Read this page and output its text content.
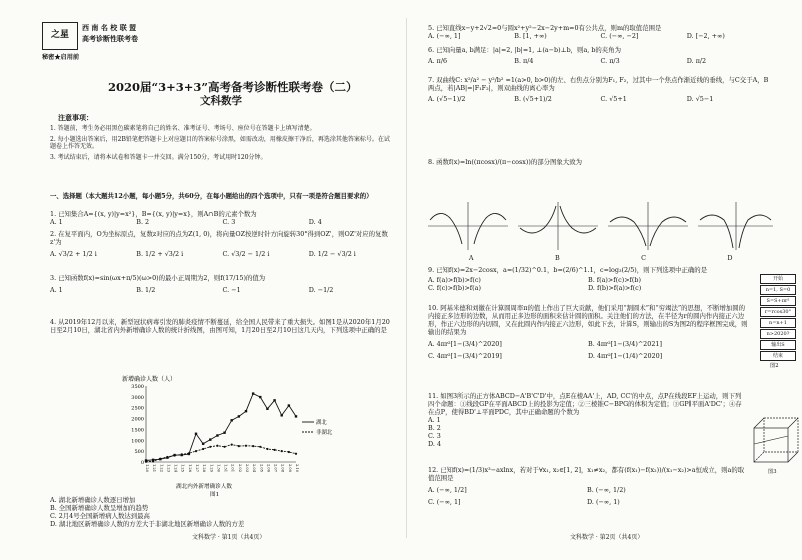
之星
西 南 名 校 联 盟
高考诊断性联考卷
秘密★启用前
2020届“3+3+3”高考备考诊断性联考卷（二）
文科数学
注意事项：
1. 答题前，考生务必用黑色碳素笔将自己的姓名、准考证号、考场号、座位号在答题卡上填写清楚。
2. 每小题选出答案后，用2B铅笔把答题卡上对应题目的答案标号涂黑，如需改动，用橡皮擦干净后，再选涂其他答案标号。在试题卷上作答无效。
3. 考试结束后，请将本试卷和答题卡一并交回。满分150分，考试用时120分钟。
一、选择题（本大题共12小题，每小题5分，共60分，在每小题给出的四个选项中，只有一项是符合题目要求的）
1. 已知集合A={(x, y)|y=x²}，B={(x, y)|y=x}，则A∩B的元素个数为
A. 1	B. 2	C. 3	D. 4
2. 在复平面内，O为坐标原点，复数z对应的点为Z(1, 0)，将向量OZ按逆时针方向旋转30°得到OZ'，则OZ'对应的复数z'为
A. √3/2 + 1/2 i	B. 1/2 + √3/2 i	C. √3/2 − 1/2 i	D. 1/2 − √3/2 i
3. 已知函数f(x)=sin(ωx+π/5)(ω>0)的最小正周期为2，则f(17/15)的值为
A. 1	B. 1/2	C. −1	D. −1/2
4. 从2019年12月以来，新型冠状病毒引发的肺炎疫情不断蔓延，给全国人民带来了重大损失。如图1是从2020年1月20日至2月10日，湖北省内外新增确诊人数的统计折线图，由图可知，1月20日至2月10日这几天内，下列选项中正确的是
新增确诊人数（人）
0
500
1000
1500
2000
2500
3000
3500
1.20 1.21 1.22 1.23 1.24 1.25 1.26 1.27 1.28 1.29 1.30 1.31 2.01 2.02 2.03 2.04 2.05 2.06 2.07 2.08 2.09 2.10
湖北
非湖北
湖北内外新增确诊人数
图1
A. 湖北新增确诊人数逐日增加
B. 全国新增确诊人数呈增加的趋势
C. 2月4号全国新增病人数达到最高
D. 湖北地区新增确诊人数的方差大于非湖北地区新增确诊人数的方差
文科数学 · 第1页（共4页）
5. 已知直线x−y+2√2=0与圆x²+y²−2x−2y+m=0有公共点，则m的取值范围是
A. (−∞, 1]	B. [1, +∞)	C. (−∞, −2]	D. [−2, +∞)
6. 已知向量a, b满足：|a|=2, |b|=1, ⊥(a−b)⊥b，则a, b的夹角为
A. π/6	B. π/4	C. π/3	D. π/2
7. 双曲线C: x²/a² − y²/b² =1(a>0, b>0)的左、右焦点分别为F₁, F₂，过其中一个焦点作渐近线的垂线，与C交于A，B两点，若|AB|=|F₁F₂|，则双曲线的离心率为
A. (√5−1)/2	B. (√5+1)/2	C. √5+1	D. √5−1
8. 函数f(x)=ln((πcosx)/(π−cosx))的部分图象大致为
A	B	C	D
9. 已知f(x)=2x−2cosx，a=(1/32)^0.1，b=(2/6)^1.1，c=log₃(2/5)，则下列选项中正确的是
A. f(a)>f(b)>f(c)	B. f(a)>f(c)>f(b)
C. f(c)>f(b)>f(a)	D. f(b)>f(a)>f(c)
10. 阿基米德和刘徽在计算圆周率π的值上作出了巨大贡献，他们采用“割圆术”和“穷竭法”的思想，不断增加圆的内接正多边形的边数，从而用正多边形的面积来估计圆的面积。关注他们的方法，在半径为r的圆内作内接正六边形，作正六边形的内切圆，又在此圆内作内接正六边形，如此下去，计算S，则输出的S为图2的程序框图完成，则输出的结果为
A. 4πr²[1−(3/4)^2020]	B. 4πr²[1−(3/4)^2021]
C. 4πr²[1−(3/4)^2019]	D. 4πr²[1−(1/4)^2020]
开始
n=1, S=0
S=S+πr²
r=rcos30°
n=n+1
n>2020?
输出S
结束
图2
11. 如图3所示的正方体ABCD−A'B'C'D'中，点E在棱AA'上，AD, CC'的中点，点P在线段EF上运动，则下列四个命题：①线段GP在平面ABCD上的投影为定值；②三棱锥C−BPG的体积为定值；③GP∥平面A'DC'；④存在点P，使得BD'⊥平面PDC，其中正确命题的个数为
A. 1
B. 2
C. 3
D. 4
图3
12. 已知f(x)=(1/3)x³−axlnx，若对于∀x₁, x₂∈[1, 2]，x₁≠x₂，都有(f(x₁)−f(x₂))/(x₁−x₂)>a恒成立，则a的取值范围是
A. (−∞, 1/2]	B. (−∞, 1/2)
C. (−∞, 1]	D. (−∞, 1)
文科数学 · 第2页（共4页）
